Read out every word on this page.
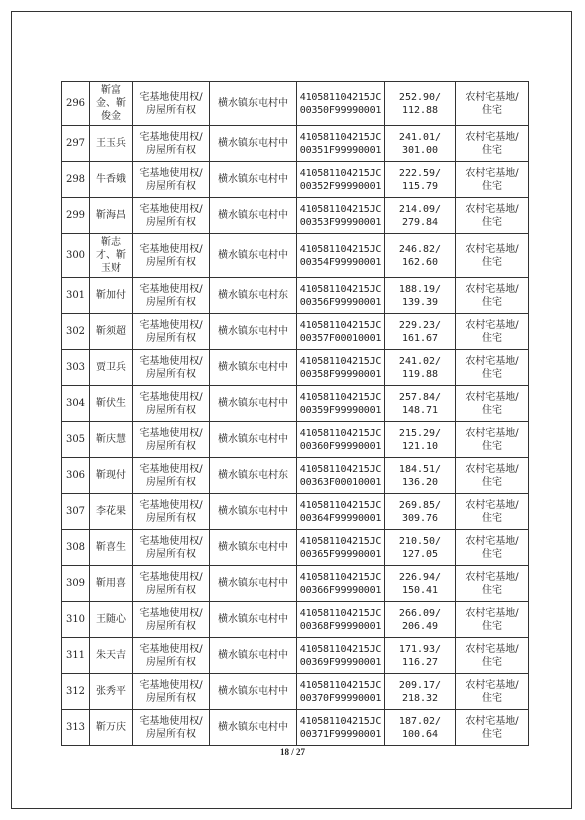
296	靳富
金、靳
俊金	宅基地使用权/
房屋所有权	横水镇东屯村中	41058110421​5JC
00350F99990001	252.90/
112.88	农村宅基地/
住宅

297	王玉兵	宅基地使用权/
房屋所有权	横水镇东屯村中	410581104215JC
00351F99990001	241.01/
301.00	农村宅基地/
住宅

298	牛香娥	宅基地使用权/
房屋所有权	横水镇东屯村中	410581104215JC
00352F99990001	222.59/
115.79	农村宅基地/
住宅

299	靳海昌	宅基地使用权/
房屋所有权	横水镇东屯村中	410581104215JC
00353F99990001	214.09/
279.84	农村宅基地/
住宅

300	靳志
才、靳
玉财	宅基地使用权/
房屋所有权	横水镇东屯村中	410581104215JC
00354F99990001	246.82/
162.60	农村宅基地/
住宅

301	靳加付	宅基地使用权/
房屋所有权	横水镇东屯村东	410581104215JC
00356F99990001	188.19/
139.39	农村宅基地/
住宅

302	靳须超	宅基地使用权/
房屋所有权	横水镇东屯村中	410581104215JC
00357F00010001	229.23/
161.67	农村宅基地/
住宅

303	贾卫兵	宅基地使用权/
房屋所有权	横水镇东屯村中	410581104215JC
00358F99990001	241.02/
119.88	农村宅基地/
住宅

304	靳伏生	宅基地使用权/
房屋所有权	横水镇东屯村中	410581104215JC
00359F99990001	257.84/
148.71	农村宅基地/
住宅

305	靳庆慧	宅基地使用权/
房屋所有权	横水镇东屯村中	410581104215JC
00360F99990001	215.29/
121.10	农村宅基地/
住宅

306	靳现付	宅基地使用权/
房屋所有权	横水镇东屯村东	410581104215JC
00363F00010001	184.51/
136.20	农村宅基地/
住宅

307	李花果	宅基地使用权/
房屋所有权	横水镇东屯村中	410581104215JC
00364F99990001	269.85/
309.76	农村宅基地/
住宅

308	靳喜生	宅基地使用权/
房屋所有权	横水镇东屯村中	410581104215JC
00365F99990001	210.50/
127.05	农村宅基地/
住宅

309	靳用喜	宅基地使用权/
房屋所有权	横水镇东屯村中	410581104215JC
00366F99990001	226.94/
150.41	农村宅基地/
住宅

310	王随心	宅基地使用权/
房屋所有权	横水镇东屯村中	410581104215JC
00368F99990001	266.09/
206.49	农村宅基地/
住宅

311	朱天吉	宅基地使用权/
房屋所有权	横水镇东屯村中	410581104215JC
00369F99990001	171.93/
116.27	农村宅基地/
住宅

312	张秀平	宅基地使用权/
房屋所有权	横水镇东屯村中	410581104215JC
00370F99990001	209.17/
218.32	农村宅基地/
住宅

313	靳万庆	宅基地使用权/
房屋所有权	横水镇东屯村中	410581104215JC
00371F99990001	187.02/
100.64	农村宅基地/
住宅
18 / 27
